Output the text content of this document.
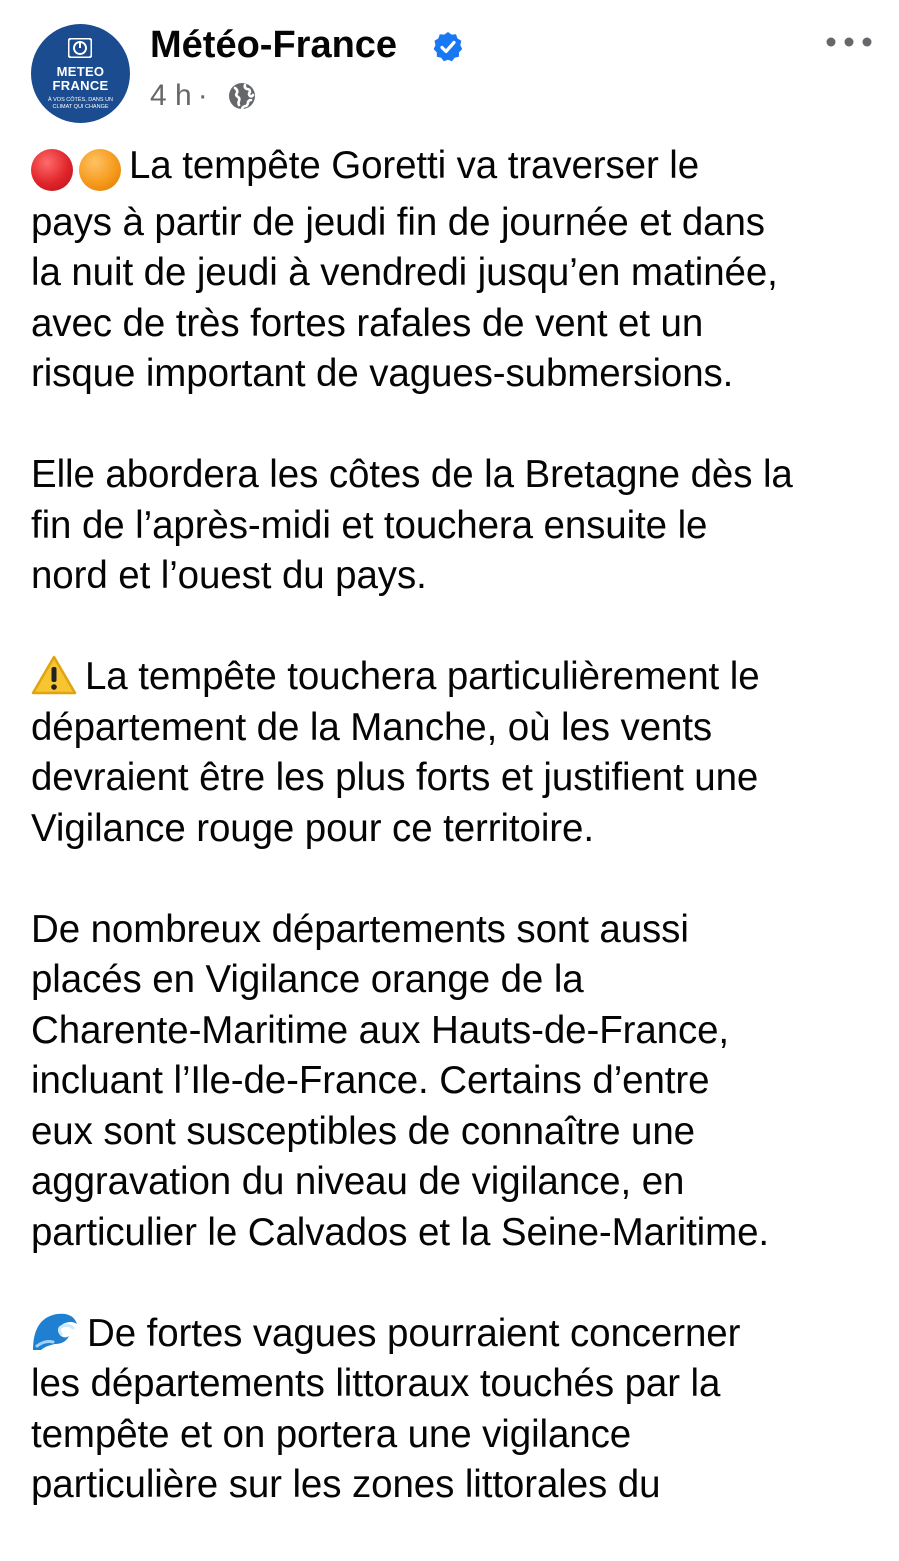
METEO
FRANCE
À VOS CÔTÉS, DANS UN CLIMAT QUI CHANGE
Météo-France
4 h ·

La tempête Goretti va traverser le
pays à partir de jeudi fin de journée et dans
la nuit de jeudi à vendredi jusqu’en matinée,
avec de très fortes rafales de vent et un
risque important de vagues-submersions.

Elle abordera les côtes de la Bretagne dès la
fin de l’après-midi et touchera ensuite le
nord et l’ouest du pays.

La tempête touchera particulièrement le
département de la Manche, où les vents
devraient être les plus forts et justifient une
Vigilance rouge pour ce territoire.

De nombreux départements sont aussi
placés en Vigilance orange de la
Charente-Maritime aux Hauts-de-France,
incluant l’Ile-de-France. Certains d’entre
eux sont susceptibles de connaître une
aggravation du niveau de vigilance, en
particulier le Calvados et la Seine-Maritime.

De fortes vagues pourraient concerner
les départements littoraux touchés par la
tempête et on portera une vigilance
particulière sur les zones littorales du
